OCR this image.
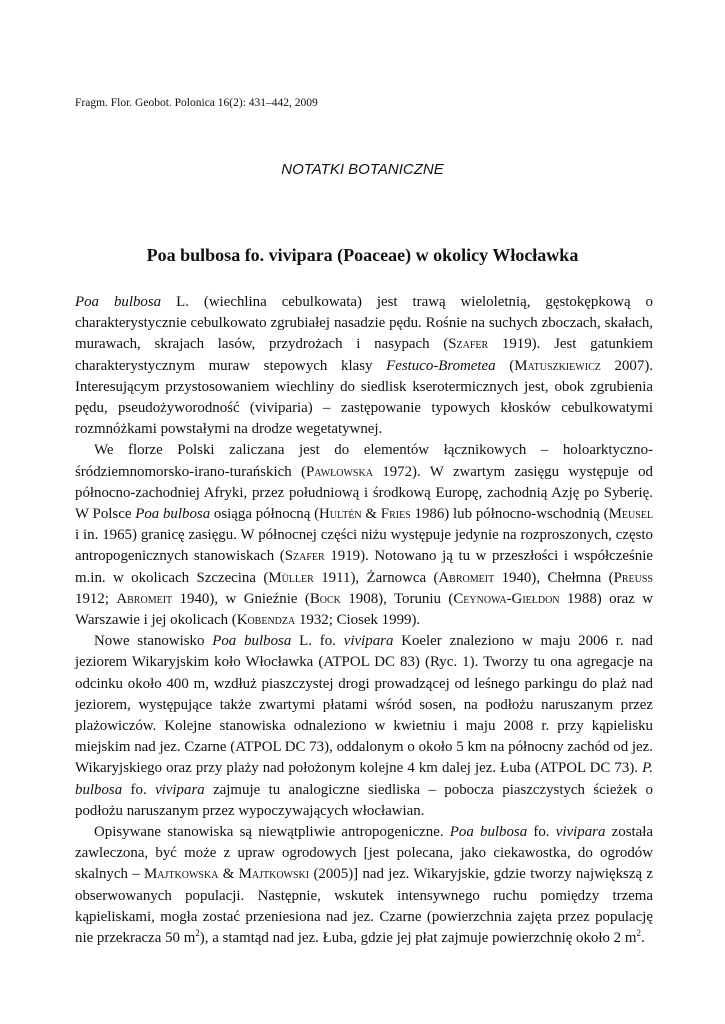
Fragm. Flor. Geobot. Polonica 16(2): 431–442, 2009
NOTATKI BOTANICZNE
Poa bulbosa fo. vivipara (Poaceae) w okolicy Włocławka

Poa bulbosa L. (wiechlina cebulkowata) jest trawą wieloletnią, gęstokępkową o charakterystycznie cebulkowato zgrubiałej nasadzie pędu. Rośnie na suchych zboczach, skałach, murawach, skrajach lasów, przydrożach i nasypach (Szafer 1919). Jest gatunkiem charakterystycznym muraw stepowych klasy Festuco-Brometea (Matuszkiewicz 2007). Interesującym przystosowaniem wiechliny do siedlisk kserotermicznych jest, obok zgrubienia pędu, pseudożyworodność (viviparia) – zastępowanie typowych kłosków cebulkowatymi rozmnóżkami powstałymi na drodze wegetatywnej.

We florze Polski zaliczana jest do elementów łącznikowych – holoarktyczno-śródziemnomorsko-irano-turańskich (Pawłowska 1972). W zwartym zasięgu występuje od północno-zachodniej Afryki, przez południową i środkową Europę, zachodnią Azję po Syberię. W Polsce Poa bulbosa osiąga północną (Hultén & Fries 1986) lub północno-wschodnią (Meusel i in. 1965) granicę zasięgu. W północnej części niżu występuje jedynie na rozproszonych, często antropogenicznych stanowiskach (Szafer 1919). Notowano ją tu w przeszłości i współcześnie m.in. w okolicach Szczecina (Müller 1911), Żarnowca (Abromeit 1940), Chełmna (Preuss 1912; Abromeit 1940), w Gnieźnie (Bock 1908), Toruniu (Ceynowa-Giełdon 1988) oraz w Warszawie i jej okolicach (Kobendza 1932; Ciosek 1999).

Nowe stanowisko Poa bulbosa L. fo. vivipara Koeler znaleziono w maju 2006 r. nad jeziorem Wikaryjskim koło Włocławka (ATPOL DC 83) (Ryc. 1). Tworzy tu ona agregacje na odcinku około 400 m, wzdłuż piaszczystej drogi prowadzącej od leśnego parkingu do plaż nad jeziorem, występujące także zwartymi płatami wśród sosen, na podłożu naruszanym przez plażowiczów. Kolejne stanowiska odnaleziono w kwietniu i maju 2008 r. przy kąpielisku miejskim nad jez. Czarne (ATPOL DC 73), oddalonym o około 5 km na północny zachód od jez. Wikaryjskiego oraz przy plaży nad położonym kolejne 4 km dalej jez. Łuba (ATPOL DC 73). P. bulbosa fo. vivipara zajmuje tu analogiczne siedliska – pobocza piaszczystych ścieżek o podłożu naruszanym przez wypoczywających włocławian.

Opisywane stanowiska są niewątpliwie antropogeniczne. Poa bulbosa fo. vivipara została zawleczona, być może z upraw ogrodowych [jest polecana, jako ciekawostka, do ogrodów skalnych – Majtkowska & Majtkowski (2005)] nad jez. Wikaryjskie, gdzie tworzy największą z obserwowanych populacji. Następnie, wskutek intensywnego ruchu pomiędzy trzema kąpieliskami, mogła zostać przeniesiona nad jez. Czarne (powierzchnia zajęta przez populację nie przekracza 50 $m^2$), a stamtąd nad jez. Łuba, gdzie jej płat zajmuje powierzchnię około 2 $m^2$.
